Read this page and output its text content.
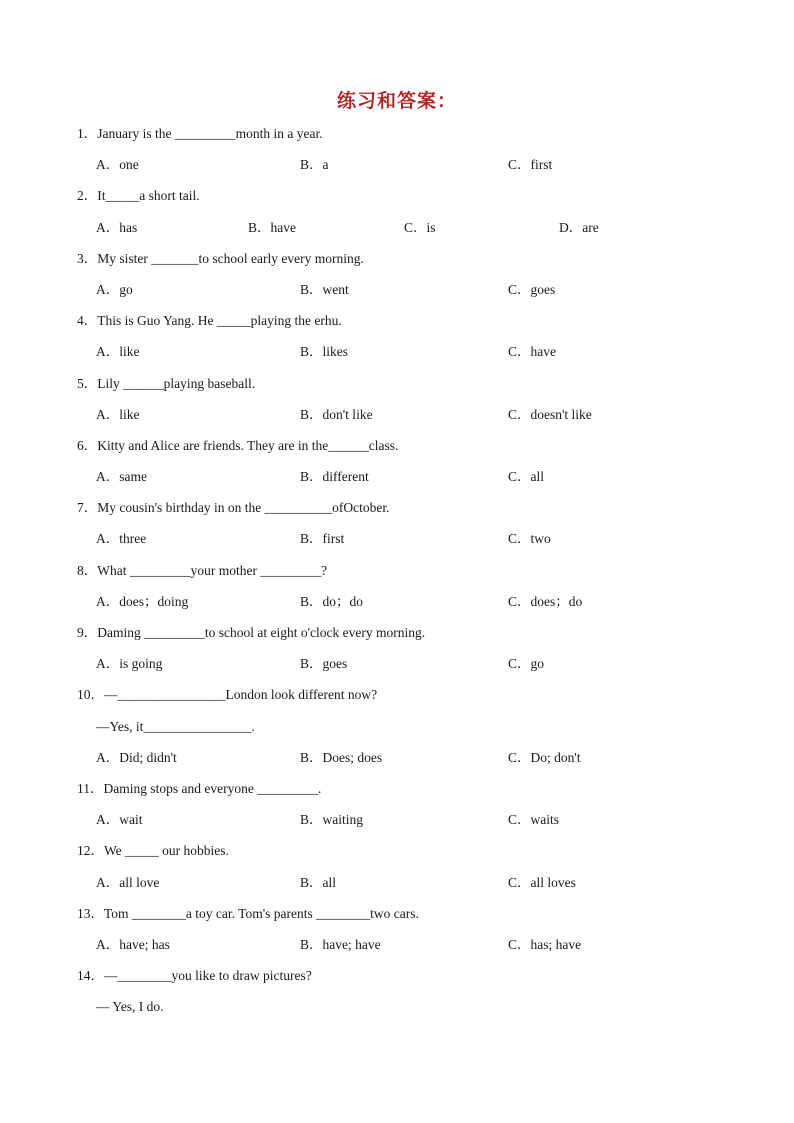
练习和答案：
1．January is the _________month in a year.
A．one	B．a	C．first
2．It_____a short tail.
A．has	B．have	C．is	D．are
3．My sister _______to school early every morning.
A．go	B．went	C．goes
4．This is Guo Yang. He _____playing the erhu.
A．like	B．likes	C．have
5．Lily ______playing baseball.
A．like	B．don't like	C．doesn't like
6．Kitty and Alice are friends. They are in the______class.
A．same	B．different	C．all
7．My cousin's birthday in on the __________ofOctober.
A．three	B．first	C．two
8．What _________your mother _________?
A．does；doing	B．do；do	C．does；do
9．Daming _________to school at eight o'clock every morning.
A．is going	B．goes	C．go
10．—________________London look different now?
—Yes, it________________.
A．Did; didn't	B．Does; does	C．Do; don't
11．Daming stops and everyone _________.
A．wait	B．waiting	C．waits
12．We _____ our hobbies.
A．all love	B．all	C．all loves
13．Tom ________a toy car. Tom's parents ________two cars.
A．have; has	B．have; have	C．has; have
14．—________you like to draw pictures?
— Yes, I do.
